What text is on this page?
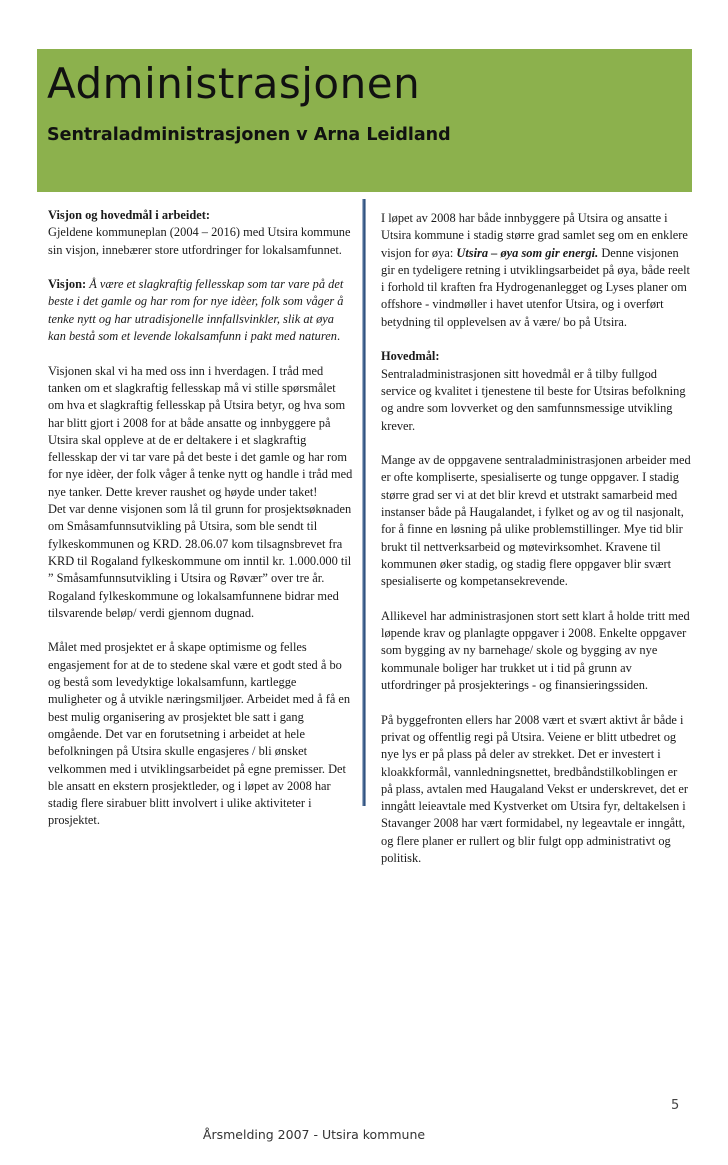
Administrasjonen
Sentraladministrasjonen v Arna Leidland

Visjon og hovedmål i arbeidet:
Gjeldene kommuneplan (2004 – 2016) med Utsira kommune sin visjon, innebærer store utfordringer for lokalsamfunnet.

Visjon: Å være et slagkraftig fellesskap som tar vare på det beste i det gamle og har rom for nye idèer, folk som våger å tenke nytt og har utradisjonelle innfallsvinkler, slik at øya kan bestå som et levende lokalsamfunn i pakt med naturen.

Visjonen skal vi ha med oss inn i hverdagen. I tråd med tanken om et slagkraftig fellesskap må vi stille spørsmålet om hva et slagkraftig fellesskap på Utsira betyr, og hva som har blitt gjort i 2008 for at både ansatte og innbyggere på Utsira skal oppleve at de er deltakere i et slagkraftig fellesskap der vi tar vare på det beste i det gamle og har rom for nye idèer, der folk våger å tenke nytt og handle i tråd med nye tanker. Dette krever raushet og høyde under taket!
Det var denne visjonen som lå til grunn for prosjektsøknaden om Småsamfunnsutvikling på Utsira, som ble sendt til fylkeskommunen og KRD. 28.06.07 kom tilsagnsbrevet fra KRD til Rogaland fylkeskommune om inntil kr. 1.000.000 til ” Småsamfunnsutvikling i Utsira og Røvær” over tre år. Rogaland fylkeskommune og lokalsamfunnene bidrar med tilsvarende beløp/ verdi gjennom dugnad.

Målet med prosjektet er å skape optimisme og felles engasjement for at de to stedene skal være et godt sted å bo og bestå som levedyktige lokalsamfunn, kartlegge muligheter og å utvikle næringsmiljøer. Arbeidet med å få en best mulig organisering av prosjektet ble satt i gang omgående. Det var en forutsetning i arbeidet at hele befolkningen på Utsira skulle engasjeres / bli ønsket velkommen med i utviklingsarbeidet på egne premisser. Det ble ansatt en ekstern prosjektleder, og i løpet av 2008 har stadig flere sirabuer blitt involvert i ulike aktiviteter i prosjektet.

I løpet av 2008 har både innbyggere på Utsira og ansatte i Utsira kommune i stadig større grad samlet seg om en enklere visjon for øya: Utsira – øya som gir energi. Denne visjonen gir en tydeligere retning i utviklingsarbeidet på øya, både reelt i forhold til kraften fra Hydrogenanlegget og Lyses planer om offshore - vindmøller i havet utenfor Utsira, og i overført betydning til opplevelsen av å være/ bo på Utsira.

Hovedmål:
Sentraladministrasjonen sitt hovedmål er å tilby fullgod service og kvalitet i tjenestene til beste for Utsiras befolkning og andre som lovverket og den samfunnsmessige utvikling krever.

Mange av de oppgavene sentraladministrasjonen arbeider med er ofte kompliserte, spesialiserte og tunge oppgaver. I stadig større grad ser vi at det blir krevd et utstrakt samarbeid med instanser både på Haugalandet, i fylket og av og til nasjonalt, for å finne en løsning på ulike problemstillinger. Mye tid blir brukt til nettverksarbeid og møtevirksomhet. Kravene til kommunen øker stadig, og stadig flere oppgaver blir svært spesialiserte og kompetansekrevende.

Allikevel har administrasjonen stort sett klart å holde tritt med løpende krav og planlagte oppgaver i 2008. Enkelte oppgaver som bygging av ny barnehage/ skole og bygging av nye kommunale boliger har trukket ut i tid på grunn av utfordringer på prosjekterings - og finansieringssiden.

På byggefronten ellers har 2008 vært et svært aktivt år både i privat og offentlig regi på Utsira. Veiene er blitt utbedret og nye lys er på plass på deler av strekket. Det er investert i kloakkformål, vannledningsnettet, bredbåndstilkoblingen er på plass, avtalen med Haugaland Vekst er underskrevet, det er inngått leieavtale med Kystverket om Utsira fyr, deltakelsen i Stavanger 2008 har vært formidabel, ny legeavtale er inngått, og flere planer er rullert og blir fulgt opp administrativt og politisk.

5
Årsmelding 2007 - Utsira kommune
